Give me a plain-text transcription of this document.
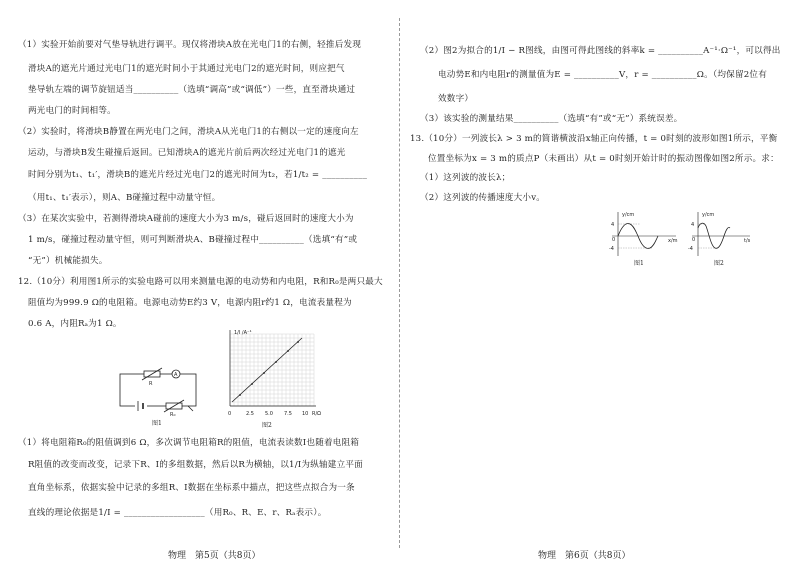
（1）实验开始前要对气垫导轨进行调平。现仅将滑块A放在光电门1的右侧，轻推后发现
滑块A的遮光片通过光电门1的遮光时间小于其通过光电门2的遮光时间，则应把气
垫导轨左端的调节旋钮适当__________（选填“调高”或“调低”）一些，直至滑块通过
两光电门的时间相等。
（2）实验时，将滑块B静置在两光电门之间，滑块A从光电门1的右侧以一定的速度向左
运动，与滑块B发生碰撞后返回。已知滑块A的遮光片前后两次经过光电门1的遮光
时间分别为t₁、t₁′，滑块B的遮光片经过光电门2的遮光时间为t₂，若1/t₂ = __________
（用t₁、t₁′表示），则A、B碰撞过程中动量守恒。
（3）在某次实验中，若测得滑块A碰前的速度大小为3 m/s，碰后返回时的速度大小为
1 m/s，碰撞过程动量守恒，则可判断滑块A、B碰撞过程中__________（选填“有”或
“无”）机械能损失。
12.（10分）利用图1所示的实验电路可以用来测量电源的电动势和内电阻，R和R₀是两只最大
阻值均为999.9 Ω的电阻箱。电源电动势E约3 V，电源内阻r约1 Ω，电流表量程为
0.6 A，内阻Rₐ为1 Ω。
R
A
R₀
图1
1/I /A⁻¹
R/Ω
0	2.5 5.0 7.5 10
图2
（1）将电阻箱R₀的阻值调到6 Ω，多次调节电阻箱R的阻值，电流表读数I也随着电阻箱
R阻值的改变而改变，记录下R、I的多组数据，然后以R为横轴，以1/I为纵轴建立平面
直角坐标系，依据实验中记录的多组R、I数据在坐标系中描点，把这些点拟合为一条
直线的理论依据是1/I = __________________（用R₀、R、E、r、Rₐ表示）。
物理　第5页（共8页）
（2）图2为拟合的1/I − R图线，由图可得此图线的斜率k = __________A⁻¹·Ω⁻¹，可以得出
电动势E和内电阻r的测量值为E = __________V，r = __________Ω。（均保留2位有
效数字）
（3）该实验的测量结果__________（选填“有”或“无”）系统误差。
13.（10分）一列波长λ > 3 m的简谐横波沿x轴正向传播，t = 0时刻的波形如图1所示，平衡
位置坐标为x = 3 m的质点P（未画出）从t = 0时刻开始计时的振动图像如图2所示。求：
（1）这列波的波长λ；
（2）这列波的传播速度大小v。
y/cm
x/m
4
-4
0
图1
y/cm
t/s
4
-4
0
图2
物理　第6页（共8页）
